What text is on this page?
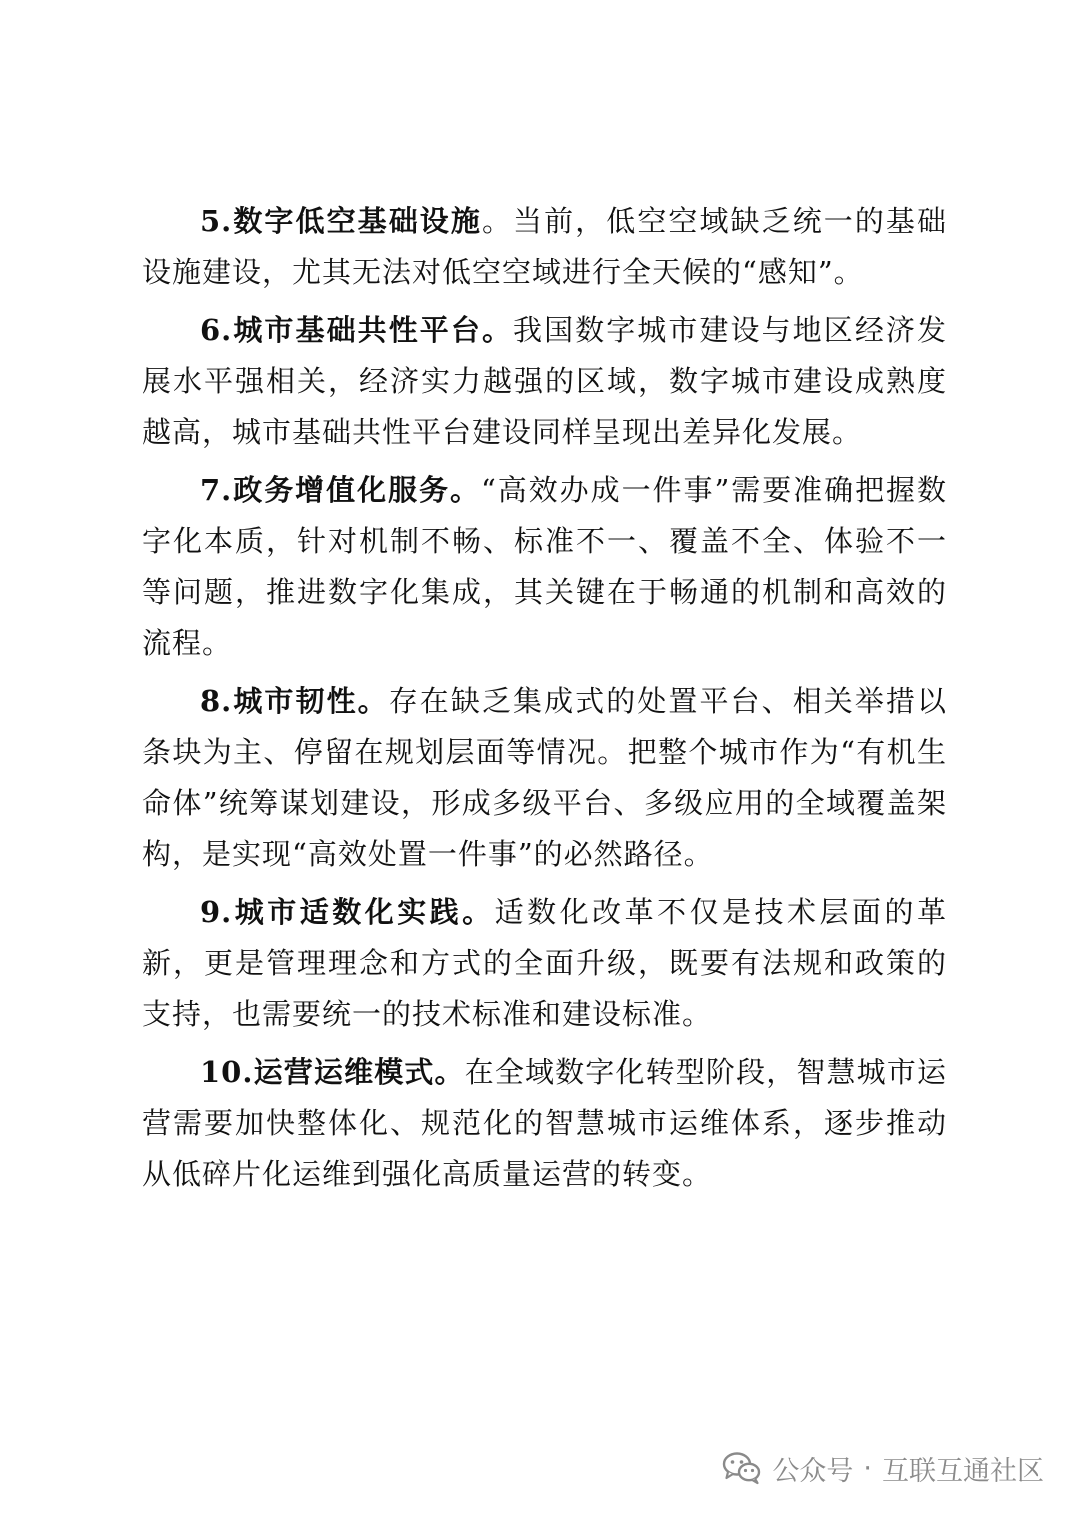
5.数字低空基础设施。当前，低空空域缺乏统一的基础设施建设，尤其无法对低空空域进行全天候的“感知”。

6.城市基础共性平台。我国数字城市建设与地区经济发展水平强相关，经济实力越强的区域，数字城市建设成熟度越高，城市基础共性平台建设同样呈现出差异化发展。

7.政务增值化服务。“高效办成一件事”需要准确把握数字化本质，针对机制不畅、标准不一、覆盖不全、体验不一等问题，推进数字化集成，其关键在于畅通的机制和高效的流程。

8.城市韧性。存在缺乏集成式的处置平台、相关举措以条块为主、停留在规划层面等情况。把整个城市作为“有机生命体”统筹谋划建设，形成多级平台、多级应用的全域覆盖架构，是实现“高效处置一件事”的必然路径。

9.城市适数化实践。适数化改革不仅是技术层面的革新，更是管理理念和方式的全面升级，既要有法规和政策的支持，也需要统一的技术标准和建设标准。

10.运营运维模式。在全域数字化转型阶段，智慧城市运营需要加快整体化、规范化的智慧城市运维体系，逐步推动从低碎片化运维到强化高质量运营的转变。

公众号 · 互联互通社区
